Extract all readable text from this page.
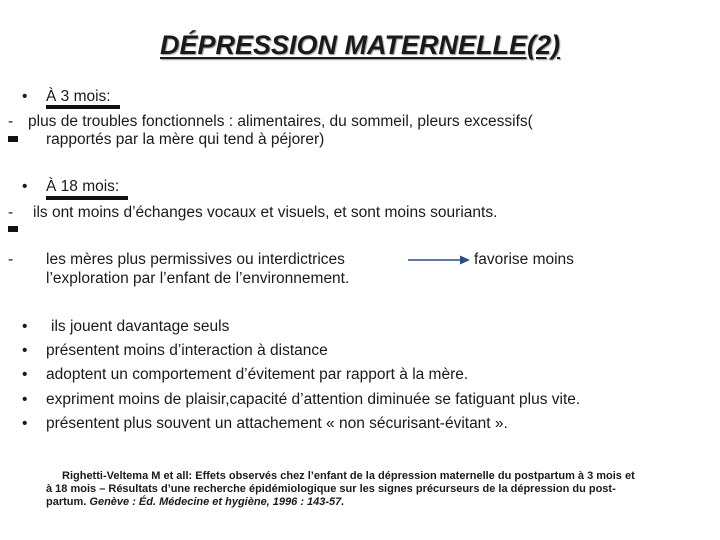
DÉPRESSION MATERNELLE(2)
• À 3 mois:
- plus de troubles fonctionnels : alimentaires, du sommeil, pleurs excessifs(
rapportés par la mère qui tend à péjorer)
• À 18 mois:
- ils ont moins d’échanges vocaux et visuels, et sont moins souriants.
- les mères plus permissives ou interdictrices	favorise moins
l’exploration par l’enfant de l’environnement.
• ils jouent davantage seuls
• présentent moins d’interaction à distance
• adoptent un comportement d’évitement par rapport à la mère.
• expriment moins de plaisir,capacité d’attention diminuée se fatiguant plus vite.
• présentent plus souvent un attachement « non sécurisant-évitant ».
Righetti-Veltema M et all: Effets observés chez l’enfant de la dépression maternelle du postpartum à 3 mois et
à 18 mois – Résultats d’une recherche épidémiologique sur les signes précurseurs de la dépression du post-
partum. Genève : Éd. Médecine et hygiène, 1996 : 143-57.
